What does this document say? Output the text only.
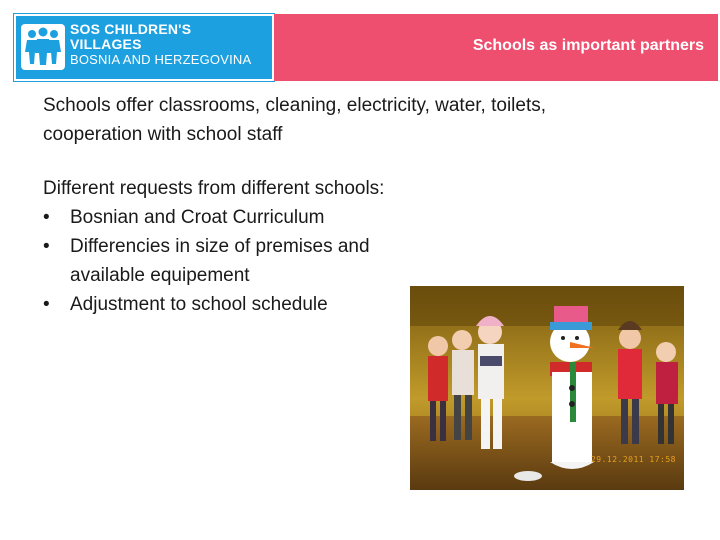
SOS CHILDREN'S
VILLAGES
BOSNIA AND HERZEGOVINA
Schools as important partners

Schools offer classrooms, cleaning, electricity, water, toilets, cooperation with school staff

Different requests from different schools:

• Bosnian and Croat Curriculum
• Differencies in size of premises and available equipement
• Adjustment to school schedule
29.12.2011 17:58
